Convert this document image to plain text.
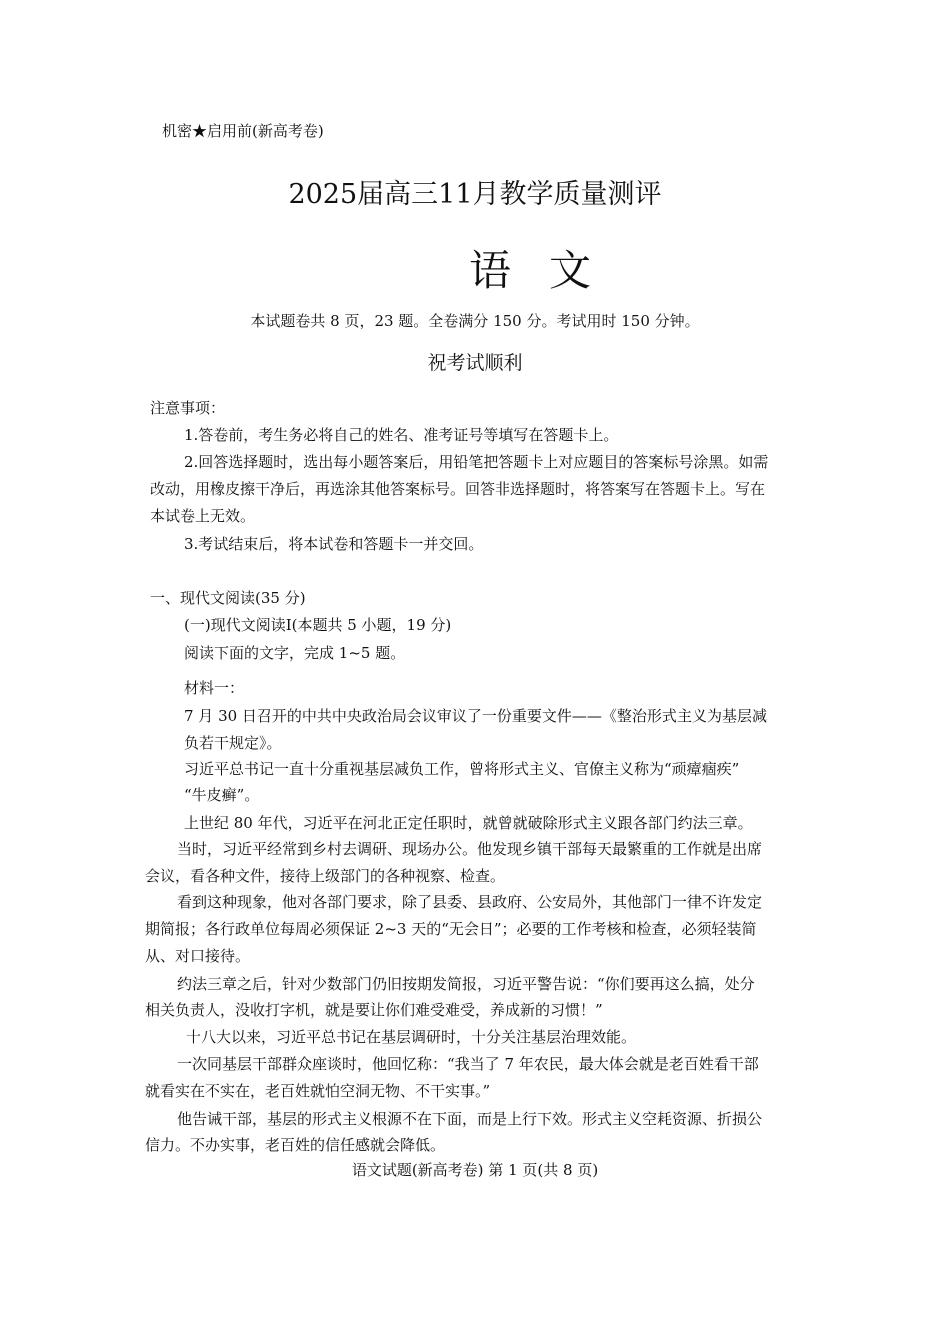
机密★启用前(新高考卷)
2025届高三11月教学质量测评
语 文
本试题卷共 8 页，23 题。全卷满分 150 分。考试用时 150 分钟。
祝考试顺利
注意事项：
1.答卷前，考生务必将自己的姓名、准考证号等填写在答题卡上。
2.回答选择题时，选出每小题答案后，用铅笔把答题卡上对应题目的答案标号涂黑。如需
改动，用橡皮擦干净后，再选涂其他答案标号。回答非选择题时，将答案写在答题卡上。写在
本试卷上无效。
3.考试结束后，将本试卷和答题卡一并交回。
一、现代文阅读(35 分)
(一)现代文阅读Ⅰ(本题共 5 小题，19 分)
阅读下面的文字，完成 1~5 题。
材料一：
7 月 30 日召开的中共中央政治局会议审议了一份重要文件——《整治形式主义为基层减
负若干规定》。
习近平总书记一直十分重视基层减负工作，曾将形式主义、官僚主义称为“顽瘴痼疾”
“牛皮癣”。
上世纪 80 年代，习近平在河北正定任职时，就曾就破除形式主义跟各部门约法三章。
当时，习近平经常到乡村去调研、现场办公。他发现乡镇干部每天最繁重的工作就是出席
会议，看各种文件，接待上级部门的各种视察、检查。
看到这种现象，他对各部门要求，除了县委、县政府、公安局外，其他部门一律不许发定
期简报；各行政单位每周必须保证 2~3 天的“无会日”；必要的工作考核和检查，必须轻装简
从、对口接待。
约法三章之后，针对少数部门仍旧按期发简报，习近平警告说：“你们要再这么搞，处分
相关负责人，没收打字机，就是要让你们难受难受，养成新的习惯！”
十八大以来，习近平总书记在基层调研时，十分关注基层治理效能。
一次同基层干部群众座谈时，他回忆称：“我当了 7 年农民，最大体会就是老百姓看干部
就看实在不实在，老百姓就怕空洞无物、不干实事。”
他告诫干部，基层的形式主义根源不在下面，而是上行下效。形式主义空耗资源、折损公
信力。不办实事，老百姓的信任感就会降低。
语文试题(新高考卷) 第 1 页(共 8 页)
